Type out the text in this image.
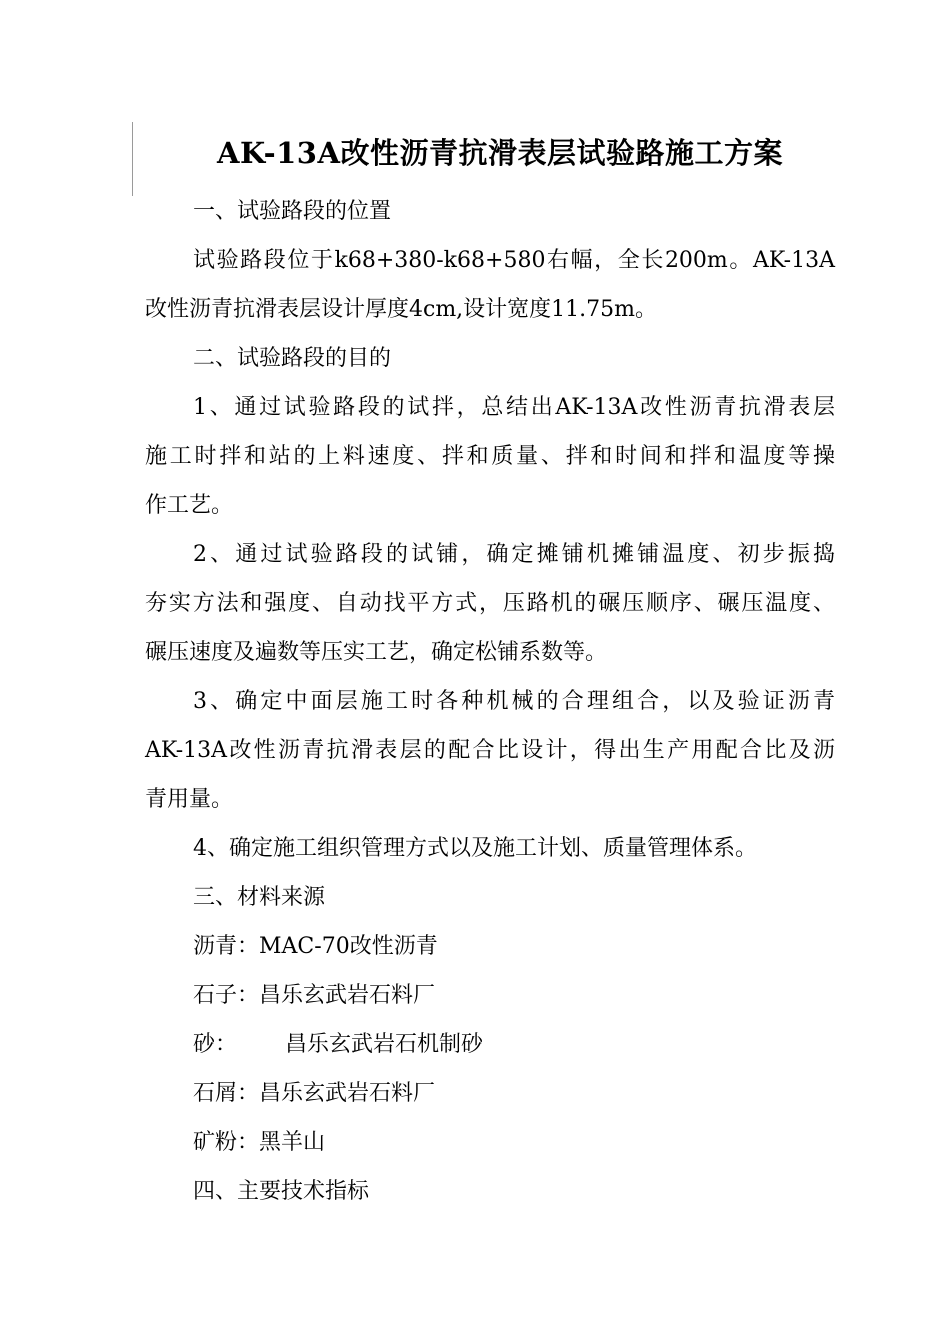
AK-13A改性沥青抗滑表层试验路施工方案

一、试验路段的位置

试验路段位于k68+380-k68+580右幅，全长200m。AK-13A
改性沥青抗滑表层设计厚度4cm,设计宽度11.75m。

二、试验路段的目的

1、通过试验路段的试拌，总结出AK-13A改性沥青抗滑表层
施工时拌和站的上料速度、拌和质量、拌和时间和拌和温度等操
作工艺。

2、通过试验路段的试铺，确定摊铺机摊铺温度、初步振捣
夯实方法和强度、自动找平方式，压路机的碾压顺序、碾压温度、
碾压速度及遍数等压实工艺，确定松铺系数等。

3、确定中面层施工时各种机械的合理组合，以及验证沥青
AK-13A改性沥青抗滑表层的配合比设计，得出生产用配合比及沥
青用量。

4、确定施工组织管理方式以及施工计划、质量管理体系。

三、材料来源

沥青：MAC-70改性沥青

石子：昌乐玄武岩石料厂

砂： 昌乐玄武岩石机制砂

石屑：昌乐玄武岩石料厂

矿粉：黑羊山

四、主要技术指标
